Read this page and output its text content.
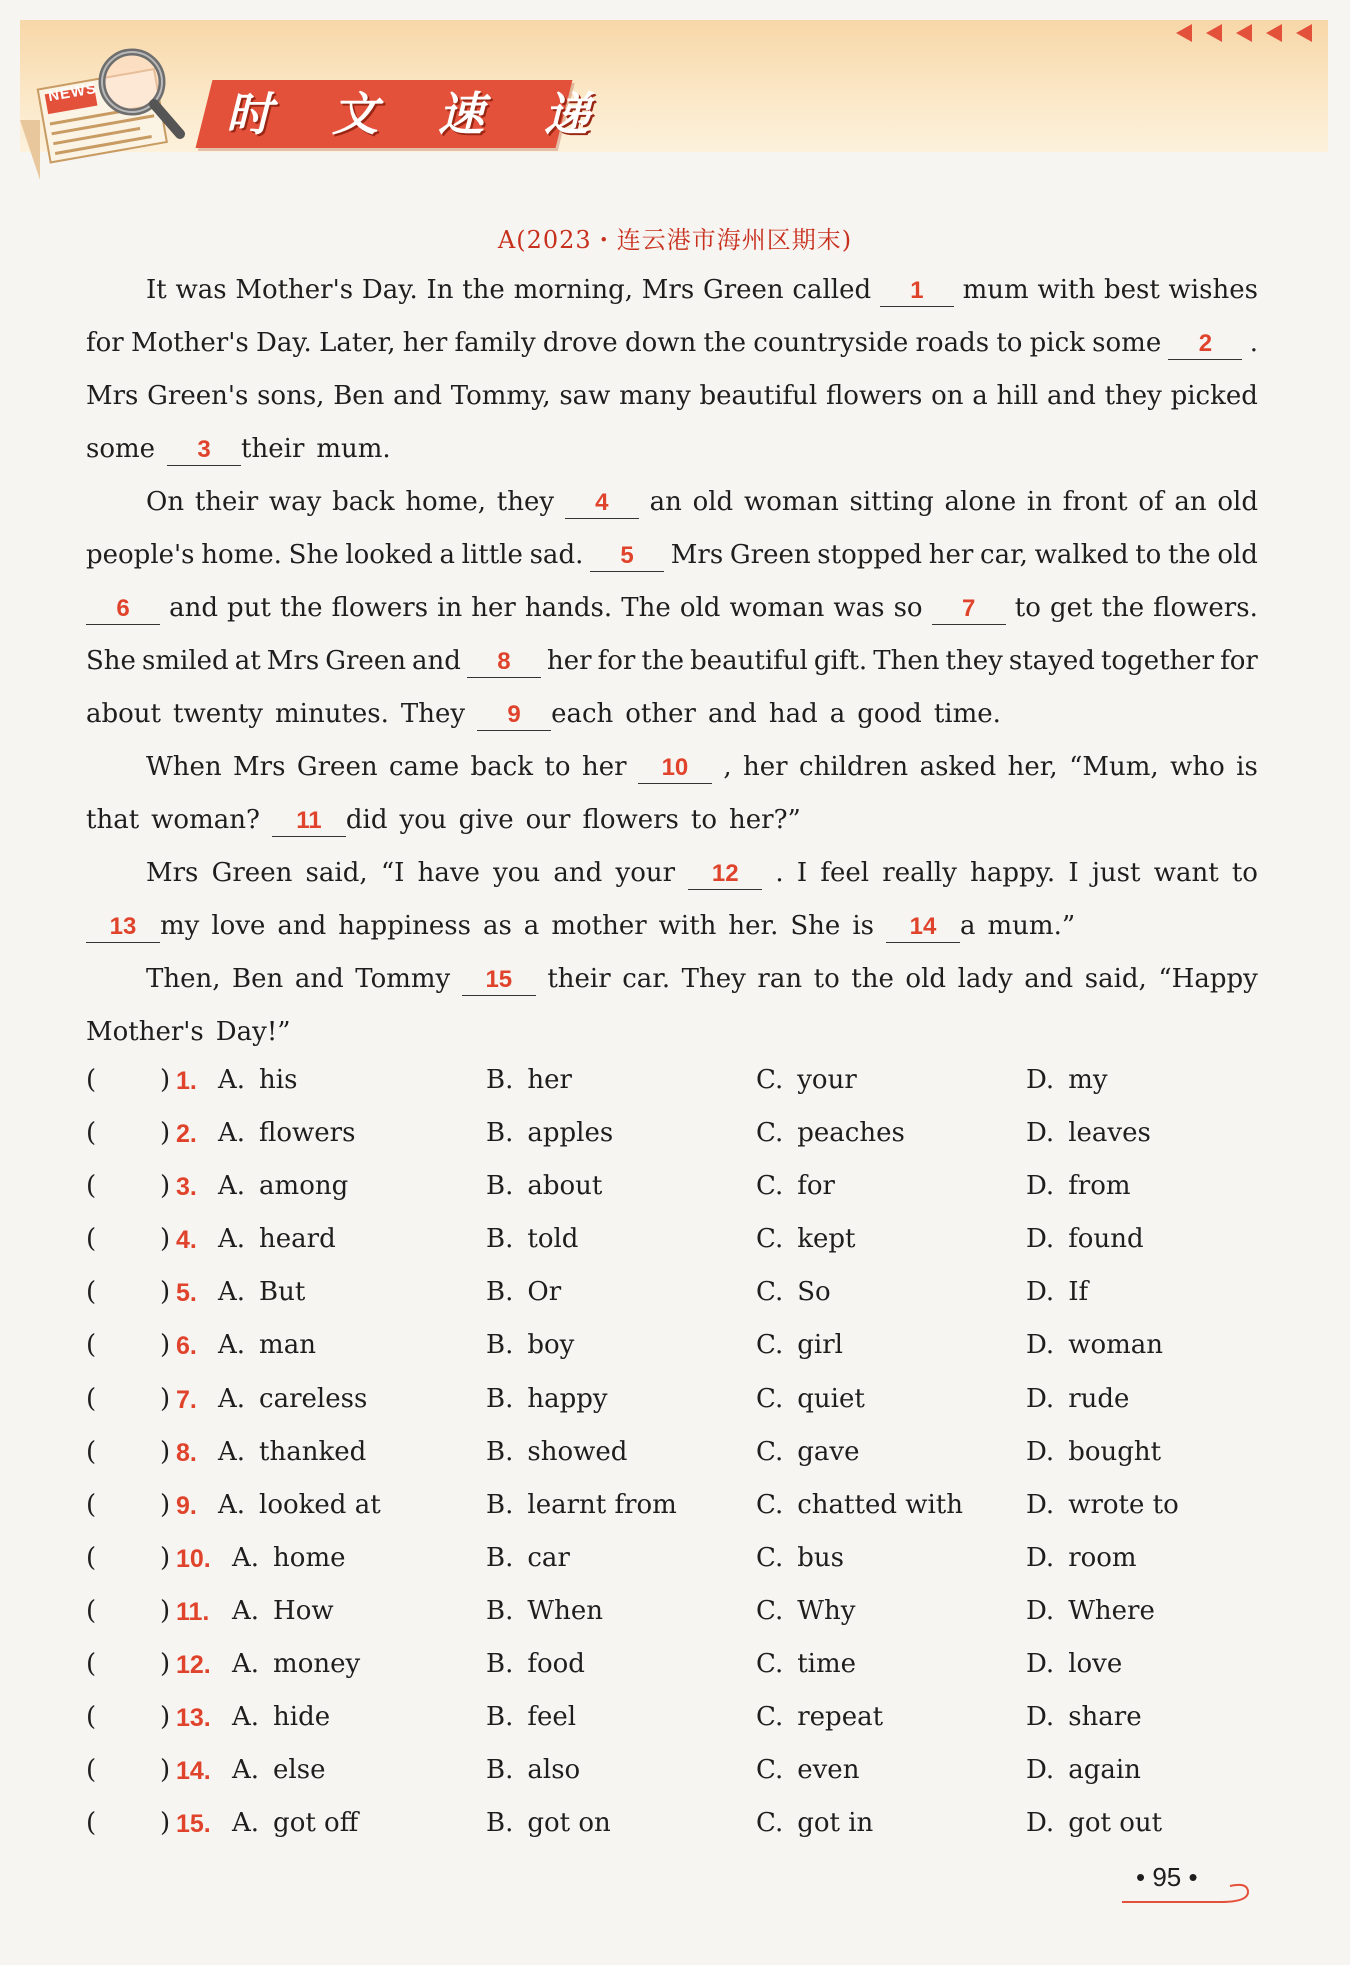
NEWS	时 文 速 递
A(2023・连云港市海州区期末)
It was Mother's Day. In the morning, Mrs Green called	1	mum with best wishes
for Mother's Day. Later, her family drove down the countryside roads to pick some	2	.
Mrs Green's sons, Ben and Tommy, saw many beautiful flowers on a hill and they picked
some	3	their mum.
On their way back home, they	4	an old woman sitting alone in front of an old
people's home. She looked a little sad.	5	Mrs Green stopped her car, walked to the old
6	and put the flowers in her hands. The old woman was so	7	to get the flowers.
She smiled at Mrs Green and	8	her for the beautiful gift. Then they stayed together for
about twenty minutes. They	9	each other and had a good time.
When Mrs Green came back to her	10	, her children asked her, “Mum, who is
that woman?	11 did you give our flowers to her?”
Mrs Green said, “I have you and your	12	. I feel really happy. I just want to
13 my love and happiness as a mother with her. She is	14 a mum.”
Then, Ben and Tommy	15	their car. They ran to the old lady and said, “Happy
Mother's Day!”
( ) 1. A. his	B. her	C. your	D. my
( ) 2. A. flowers	B. apples	C. peaches	D. leaves
( ) 3. A. among	B. about	C. for	D. from
( ) 4. A. heard	B. told	C. kept	D. found
( ) 5. A. But	B. Or	C. So	D. If
( ) 6. A. man	B. boy	C. girl	D. woman
( ) 7. A. careless	B. happy	C. quiet	D. rude
( ) 8. A. thanked	B. showed	C. gave	D. bought
( ) 9. A. looked at	B. learnt from	C. chatted with D. wrote to
( ) 10. A. home	B. car	C. bus	D. room
( ) 11. A. How	B. When	C. Why	D. Where
( ) 12. A. money	B. food	C. time	D. love
( ) 13. A. hide	B. feel	C. repeat	D. share
( ) 14. A. else	B. also	C. even	D. again
( ) 15. A. got off	B. got on	C. got in	D. got out
• 95 •
